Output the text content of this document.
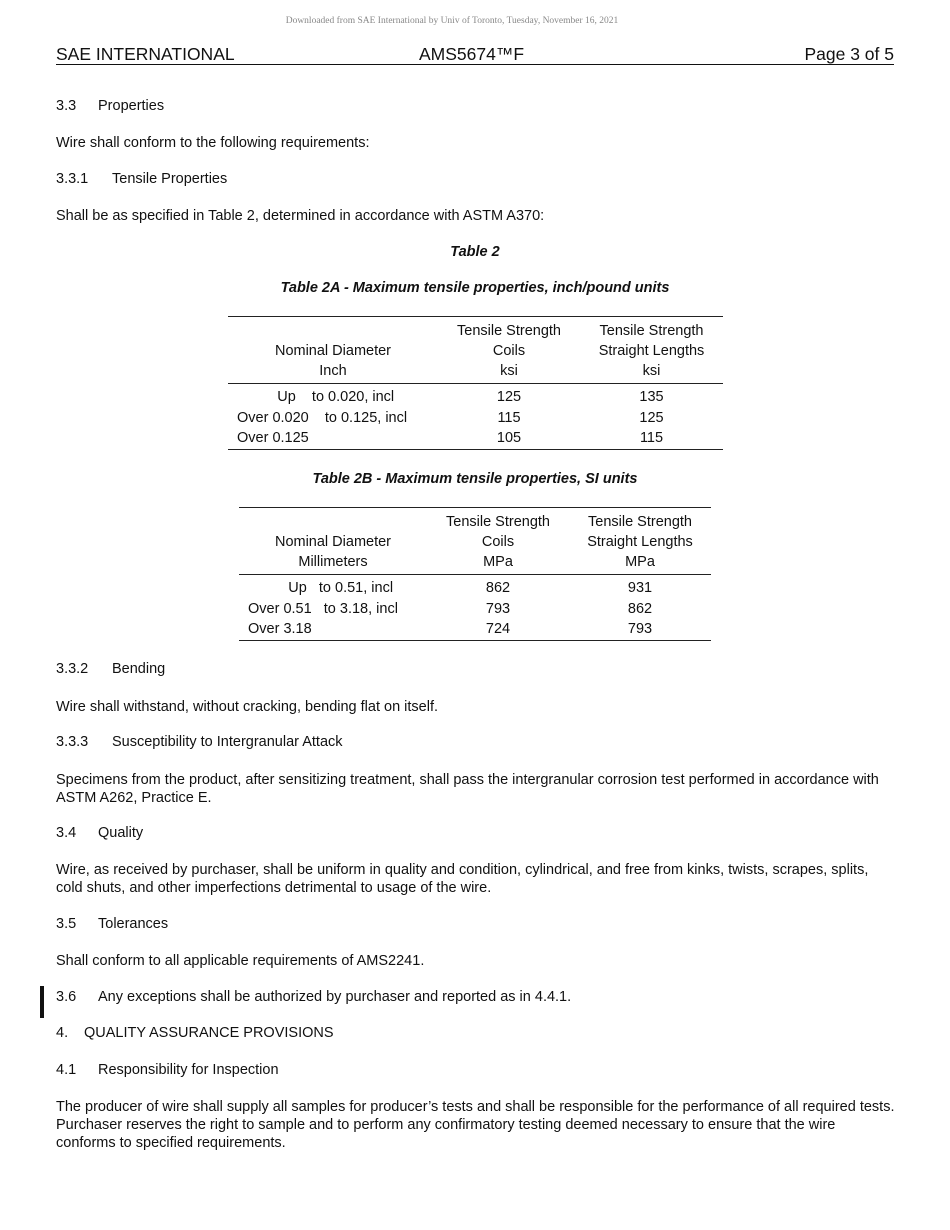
Downloaded from SAE International by Univ of Toronto, Tuesday, November 16, 2021
SAE INTERNATIONAL	AMS5674™F	Page 3 of 5
3.3 Properties
Wire shall conform to the following requirements:
3.3.1 Tensile Properties
Shall be as specified in Table 2, determined in accordance with ASTM A370:
Table 2
Table 2A - Maximum tensile properties, inch/pound units
	Tensile Strength	Tensile Strength
Nominal Diameter	Coils	Straight Lengths
Inch	ksi	ksi
Up    to 0.020, incl	125	135
Over 0.020    to 0.125, incl	115	125
Over 0.125	105	115
Table 2B - Maximum tensile properties, SI units
	Tensile Strength	Tensile Strength
Nominal Diameter	Coils	Straight Lengths
Millimeters	MPa	MPa
Up   to 0.51, incl	862	931
Over 0.51   to 3.18, incl	793	862
Over 3.18	724	793
3.3.2 Bending
Wire shall withstand, without cracking, bending flat on itself.
3.3.3 Susceptibility to Intergranular Attack
Specimens from the product, after sensitizing treatment, shall pass the intergranular corrosion test performed in accordance with ASTM A262, Practice E.
3.4 Quality
Wire, as received by purchaser, shall be uniform in quality and condition, cylindrical, and free from kinks, twists, scrapes, splits, cold shuts, and other imperfections detrimental to usage of the wire.
3.5 Tolerances
Shall conform to all applicable requirements of AMS2241.
3.6 Any exceptions shall be authorized by purchaser and reported as in 4.4.1.
4. QUALITY ASSURANCE PROVISIONS
4.1 Responsibility for Inspection
The producer of wire shall supply all samples for producer’s tests and shall be responsible for the performance of all required tests. Purchaser reserves the right to sample and to perform any confirmatory testing deemed necessary to ensure that the wire conforms to specified requirements.
